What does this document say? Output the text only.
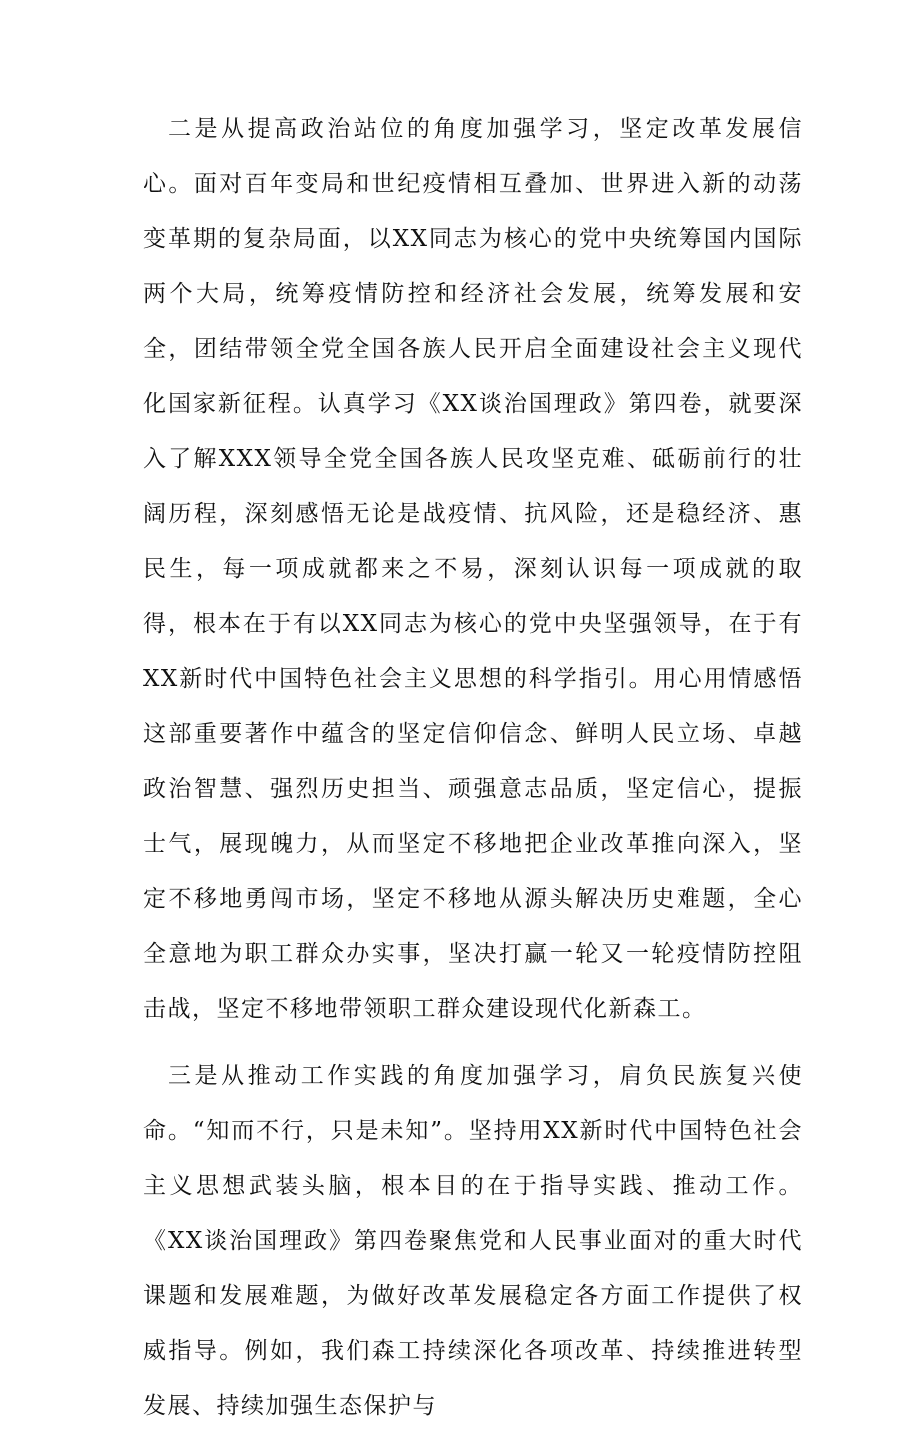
二是从提高政治站位的角度加强学习，坚定改革发展信心。面对百年变局和世纪疫情相互叠加、世界进入新的动荡变革期的复杂局面，以XX同志为核心的党中央统筹国内国际两个大局，统筹疫情防控和经济社会发展，统筹发展和安全，团结带领全党全国各族人民开启全面建设社会主义现代化国家新征程。认真学习《XX谈治国理政》第四卷，就要深入了解XXX领导全党全国各族人民攻坚克难、砥砺前行的壮阔历程，深刻感悟无论是战疫情、抗风险，还是稳经济、惠民生，每一项成就都来之不易，深刻认识每一项成就的取得，根本在于有以XX同志为核心的党中央坚强领导，在于有XX新时代中国特色社会主义思想的科学指引。用心用情感悟这部重要著作中蕴含的坚定信仰信念、鲜明人民立场、卓越政治智慧、强烈历史担当、顽强意志品质，坚定信心，提振士气，展现魄力，从而坚定不移地把企业改革推向深入，坚定不移地勇闯市场，坚定不移地从源头解决历史难题，全心全意地为职工群众办实事，坚决打赢一轮又一轮疫情防控阻击战，坚定不移地带领职工群众建设现代化新森工。

三是从推动工作实践的角度加强学习，肩负民族复兴使命。“知而不行，只是未知”。坚持用XX新时代中国特色社会主义思想武装头脑，根本目的在于指导实践、推动工作。《XX谈治国理政》第四卷聚焦党和人民事业面对的重大时代课题和发展难题，为做好改革发展稳定各方面工作提供了权威指导。例如，我们森工持续深化各项改革、持续推进转型发展、持续加强生态保护与
